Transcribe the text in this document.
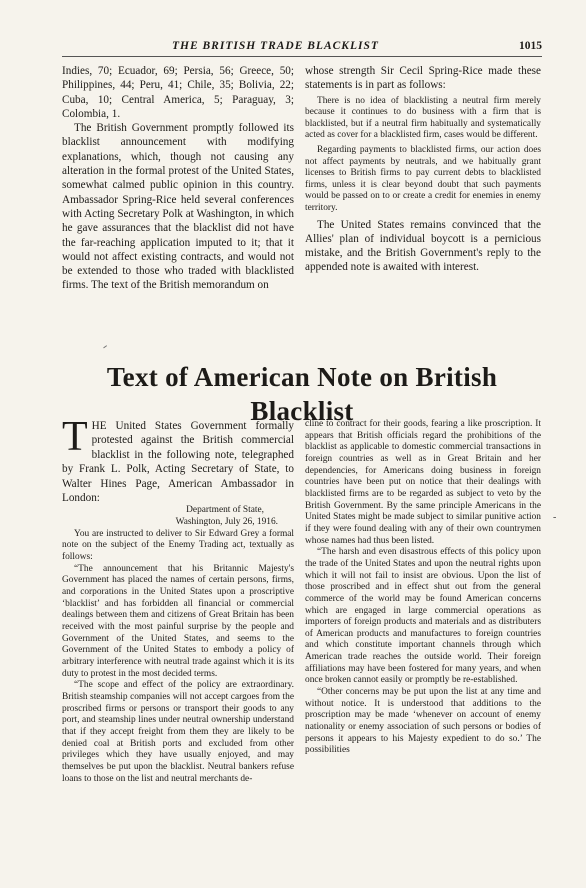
THE BRITISH TRADE BLACKLIST	1015

Indies, 70; Ecuador, 69; Persia, 56; Greece, 50; Philippines, 44; Peru, 41; Chile, 35; Bolivia, 22; Cuba, 10; Central America, 5; Paraguay, 3; Colombia, 1.

The British Government promptly followed its blacklist announcement with modifying explanations, which, though not causing any alteration in the formal protest of the United States, somewhat calmed public opinion in this country. Ambassador Spring-Rice held several conferences with Acting Secretary Polk at Washington, in which he gave assurances that the blacklist did not have the far-reaching application imputed to it; that it would not affect existing contracts, and would not be extended to those who traded with blacklisted firms. The text of the British memorandum on

whose strength Sir Cecil Spring-Rice made these statements is in part as follows:

There is no idea of blacklisting a neutral firm merely because it continues to do business with a firm that is blacklisted, but if a neutral firm habitually and systematically acted as cover for a blacklisted firm, cases would be different.

Regarding payments to blacklisted firms, our action does not affect payments by neutrals, and we habitually grant licenses to British firms to pay current debts to blacklisted firms, unless it is clear beyond doubt that such payments would be passed on to or create a credit for enemies in enemy territory.

The United States remains convinced that the Allies' plan of individual boycott is a pernicious mistake, and the British Government's reply to the appended note is awaited with interest.

Text of American Note on British Blacklist
T HE United States Government formally protested against the British commercial blacklist in the following note, telegraphed by Frank L. Polk, Acting Secretary of State, to Walter Hines Page, American Ambassador in London:

Department of State,

Washington, July 26, 1916.

You are instructed to deliver to Sir Edward Grey a formal note on the subject of the Enemy Trading act, textually as follows:

“The announcement that his Britannic Majesty's Government has placed the names of certain persons, firms, and corporations in the United States upon a proscriptive ‘blacklist’ and has forbidden all financial or commercial dealings between them and citizens of Great Britain has been received with the most painful surprise by the people and Government of the United States, and seems to the Government of the United States to embody a policy of arbitrary interference with neutral trade against which it is its duty to protest in the most decided terms.

“The scope and effect of the policy are extraordinary. British steamship companies will not accept cargoes from the proscribed firms or persons or transport their goods to any port, and steamship lines under neutral ownership understand that if they accept freight from them they are likely to be denied coal at British ports and excluded from other privileges which they have usually enjoyed, and may themselves be put upon the blacklist. Neutral bankers refuse loans to those on the list and neutral merchants de-

cline to contract for their goods, fearing a like proscription. It appears that British officials regard the prohibitions of the blacklist as applicable to domestic commercial transactions in foreign countries as well as in Great Britain and her dependencies, for Americans doing business in foreign countries have been put on notice that their dealings with blacklisted firms are to be regarded as subject to veto by the British Government. By the same principle Americans in the United States might be made subject to similar punitive action if they were found dealing with any of their own countrymen whose names had thus been listed.

“The harsh and even disastrous effects of this policy upon the trade of the United States and upon the neutral rights upon which it will not fail to insist are obvious. Upon the list of those proscribed and in effect shut out from the general commerce of the world may be found American concerns which are engaged in large commercial operations as importers of foreign products and materials and as distributers of American products and manufactures to foreign countries and which constitute important channels through which American trade reaches the outside world. Their foreign affiliations may have been fostered for many years, and when once broken cannot easily or promptly be re-established.

“Other concerns may be put upon the list at any time and without notice. It is understood that additions to the proscription may be made ‘whenever on account of enemy nationality or enemy association of such persons or bodies of persons it appears to his Majesty expedient to do so.’ The possibilities

-
